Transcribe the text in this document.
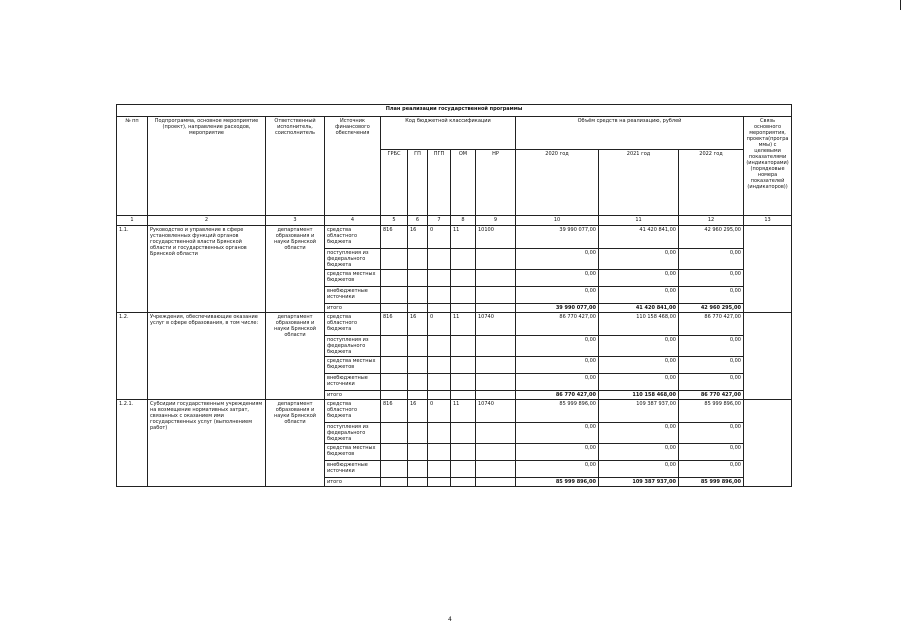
План реализации государственной программы												
№ пп	Подпрограмма, основное мероприятие (проект), направление расходов, мероприятие	Ответственный исполнитель, соисполнитель	Источник финансового обеспечения	Код бюджетной классификации					Объём средств на реализацию, рублей			Связь основного мероприятия, проекта(программы) с целевыми показателями (индикаторами) (порядковые номера показателей (индикаторов))
				ГРБС	ГП	ПГП	ОМ	НР	2020 год	2021 год	2022 год	
1	2	3	4	5	6	7	8	9	10	11	12	13
1.1.	Руководство и управление в сфере установленных функций органов государственной власти Брянской области и государственных органов Брянской области	департамент образования и науки Брянской области	средства областного бюджета	816	16	0	11	10100	39 990 077,00	41 420 841,00	42 960 295,00	
			поступления из федерального бюджета						0,00	0,00	0,00	
			средства местных бюджетов						0,00	0,00	0,00	
			внебюджетные источники						0,00	0,00	0,00	
			итого						39 990 077,00	41 420 841,00	42 960 295,00	
1.2.	Учреждения, обеспечивающие оказание услуг в сфере образования, в том числе:	департамент образования и науки Брянской области	средства областного бюджета	816	16	0	11	10740	86 770 427,00	110 158 468,00	86 770 427,00	
			поступления из федерального бюджета						0,00	0,00	0,00	
			средства местных бюджетов						0,00	0,00	0,00	
			внебюджетные источники						0,00	0,00	0,00	
			итого						86 770 427,00	110 158 468,00	86 770 427,00	
1.2.1.	Субсидии государственным учреждениям на возмещение нормативных затрат, связанных с оказанием ими государственных услуг (выполнением работ)	департамент образования и науки Брянской области	средства областного бюджета	816	16	0	11	10740	85 999 896,00	109 387 937,00	85 999 896,00	
			поступления из федерального бюджета						0,00	0,00	0,00	
			средства местных бюджетов						0,00	0,00	0,00	
			внебюджетные источники						0,00	0,00	0,00	
			итого						85 999 896,00	109 387 937,00	85 999 896,00	
4
